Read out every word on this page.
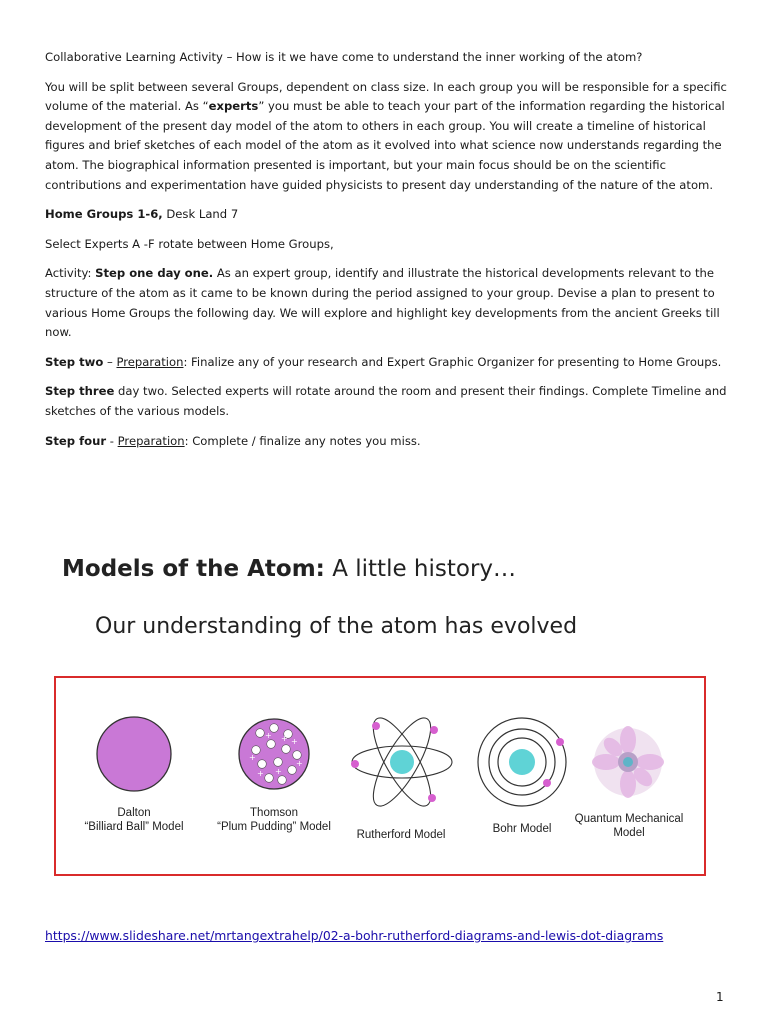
Collaborative Learning Activity – How is it we have come to understand the inner working of the atom?

You will be split between several Groups, dependent on class size. In each group you will be responsible for a specific volume of the material. As “experts” you must be able to teach your part of the information regarding the historical development of the present day model of the atom to others in each group. You will create a timeline of historical figures and brief sketches of each model of the atom as it evolved into what science now understands regarding the atom. The biographical information presented is important, but your main focus should be on the scientific contributions and experimentation have guided physicists to present day understanding of the nature of the atom.

Home Groups 1-6, Desk Land 7

Select Experts A -F rotate between Home Groups,

Activity: Step one day one. As an expert group, identify and illustrate the historical developments relevant to the structure of the atom as it came to be known during the period assigned to your group. Devise a plan to present to various Home Groups the following day. We will explore and highlight key developments from the ancient Greeks till now.

Step two – Preparation: Finalize any of your research and Expert Graphic Organizer for presenting to Home Groups.

Step three day two. Selected experts will rotate around the room and present their findings. Complete Timeline and sketches of the various models.

Step four - Preparation: Complete / finalize any notes you miss.

Models of the Atom: A little history…
Our understanding of the atom has evolved
Dalton
“Billiard Ball” Model
+ +
+
+
+
+
+
Thomson
“Plum Pudding” Model
Rutherford Model	Bohr Model
Quantum Mechanical
Model
https://www.slideshare.net/mrtangextrahelp/02-a-bohr-rutherford-diagrams-and-lewis-dot-diagrams
1
